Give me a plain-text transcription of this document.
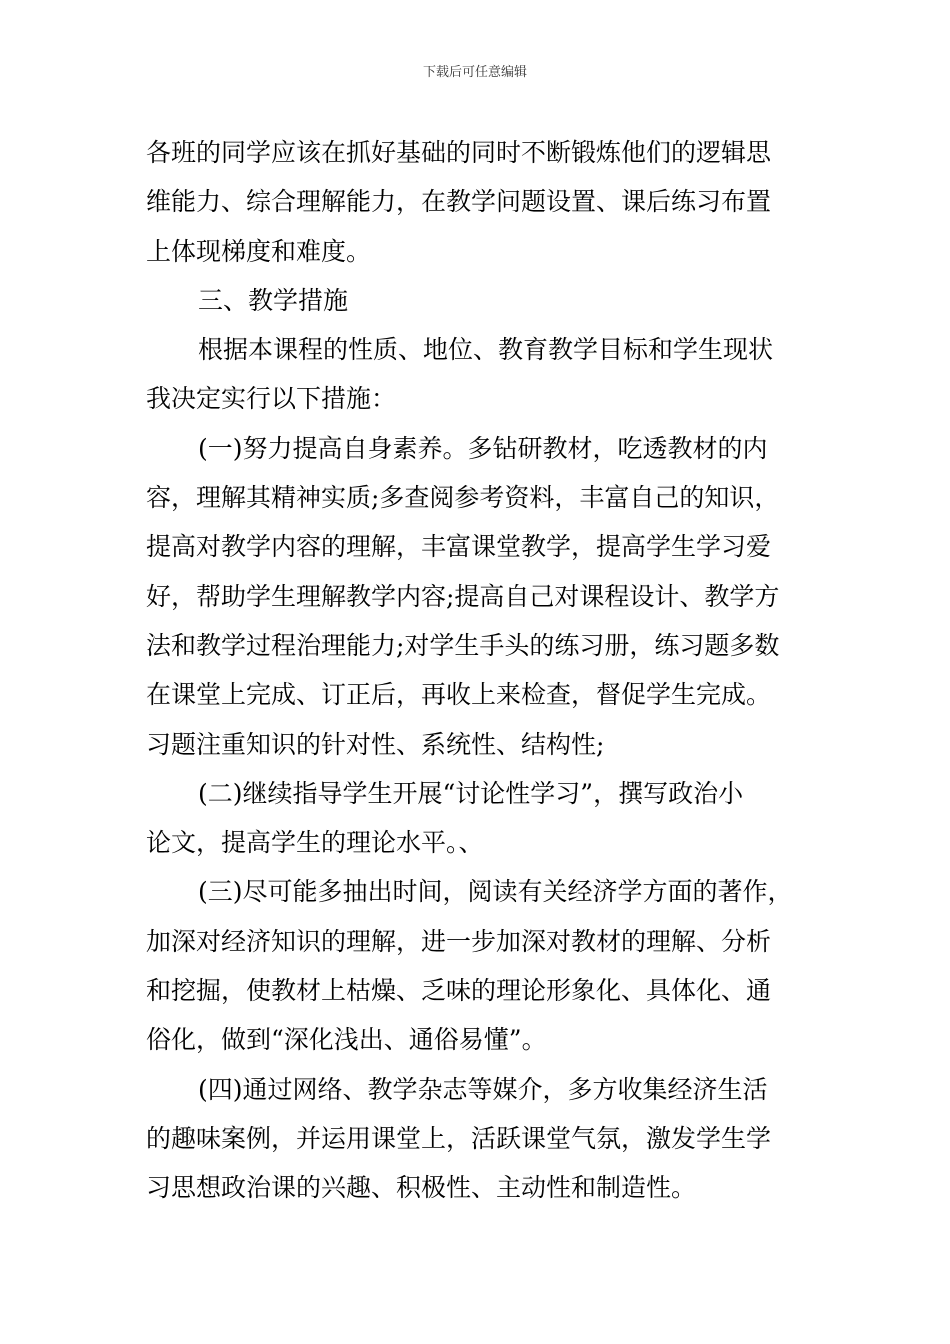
下载后可任意编辑

各班的同学应该在抓好基础的同时不断锻炼他们的逻辑思
维能力、综合理解能力，在教学问题设置、课后练习布置
上体现梯度和难度。

三、教学措施

根据本课程的性质、地位、教育教学目标和学生现状
我决定实行以下措施：

(一)努力提高自身素养。多钻研教材，吃透教材的内
容，理解其精神实质;多查阅参考资料，丰富自己的知识，
提高对教学内容的理解，丰富课堂教学，提高学生学习爱
好，帮助学生理解教学内容;提高自己对课程设计、教学方
法和教学过程治理能力;对学生手头的练习册，练习题多数
在课堂上完成、订正后，再收上来检查，督促学生完成。
习题注重知识的针对性、系统性、结构性;

(二)继续指导学生开展“讨论性学习”，撰写政治小
论文，提高学生的理论水平。、

(三)尽可能多抽出时间，阅读有关经济学方面的著作，
加深对经济知识的理解，进一步加深对教材的理解、分析
和挖掘，使教材上枯燥、乏味的理论形象化、具体化、通
俗化，做到“深化浅出、通俗易懂”。

(四)通过网络、教学杂志等媒介，多方收集经济生活
的趣味案例，并运用课堂上，活跃课堂气氛，激发学生学
习思想政治课的兴趣、积极性、主动性和制造性。
